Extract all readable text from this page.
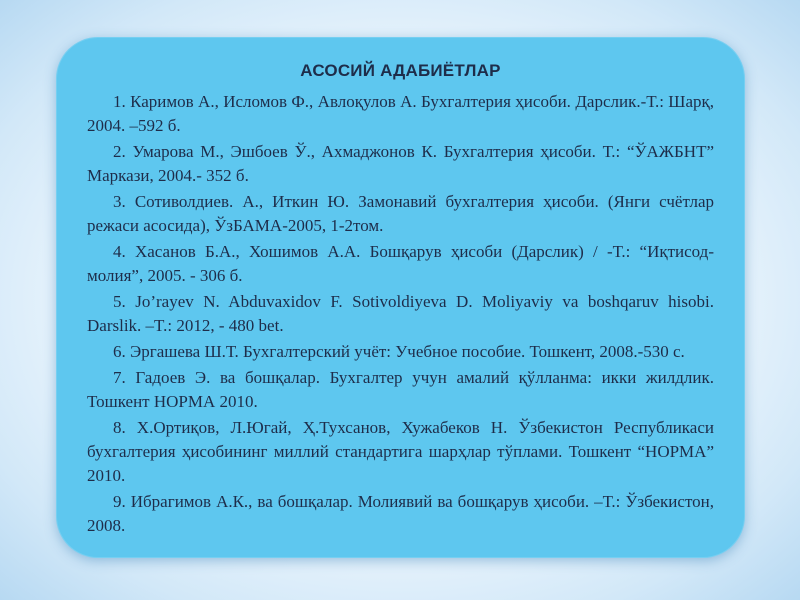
АСОСИЙ АДАБИЁТЛАР

1. Каримов А., Исломов Ф., Авлоқулов А. Бухгалтерия ҳисоби. Дарслик.-Т.: Шарқ, 2004. –592 б.

2. Умарова М., Эшбоев Ў., Ахмаджонов К. Бухгалтерия ҳисоби. Т.: “ЎАЖБНТ” Маркази, 2004.- 352 б.

3. Сотиволдиев. А., Иткин Ю. Замонавий бухгалтерия ҳисоби. (Янги счётлар режаси асосида), ЎзБАМА-2005, 1-2том.

4. Хасанов Б.А., Хошимов А.А. Бошқарув ҳисоби (Дарслик) / -Т.: “Иқтисод-молия”, 2005. - 306 б.

5. Jo’rayev N. Abduvaxidov F. Sotivoldiyeva D. Moliyaviy va boshqaruv hisobi. Darslik. –T.: 2012, - 480 bet.

6. Эргашева Ш.Т. Бухгалтерский учёт: Учебное пособие. Тошкент, 2008.-530 с.

7. Гадоев Э. ва бошқалар. Бухгалтер учун амалий қўлланма: икки жилдлик. Тошкент НОРМА 2010.

8. Х.Ортиқов, Л.Югай, Ҳ.Тухсанов, Хужабеков Н. Ўзбекистон Республикаси бухгалтерия ҳисобининг миллий стандартига шарҳлар тўплами. Тошкент “НОРМА” 2010.

9. Ибрагимов А.К., ва бошқалар. Молиявий ва бошқарув ҳисоби. –Т.: Ўзбекистон, 2008.
